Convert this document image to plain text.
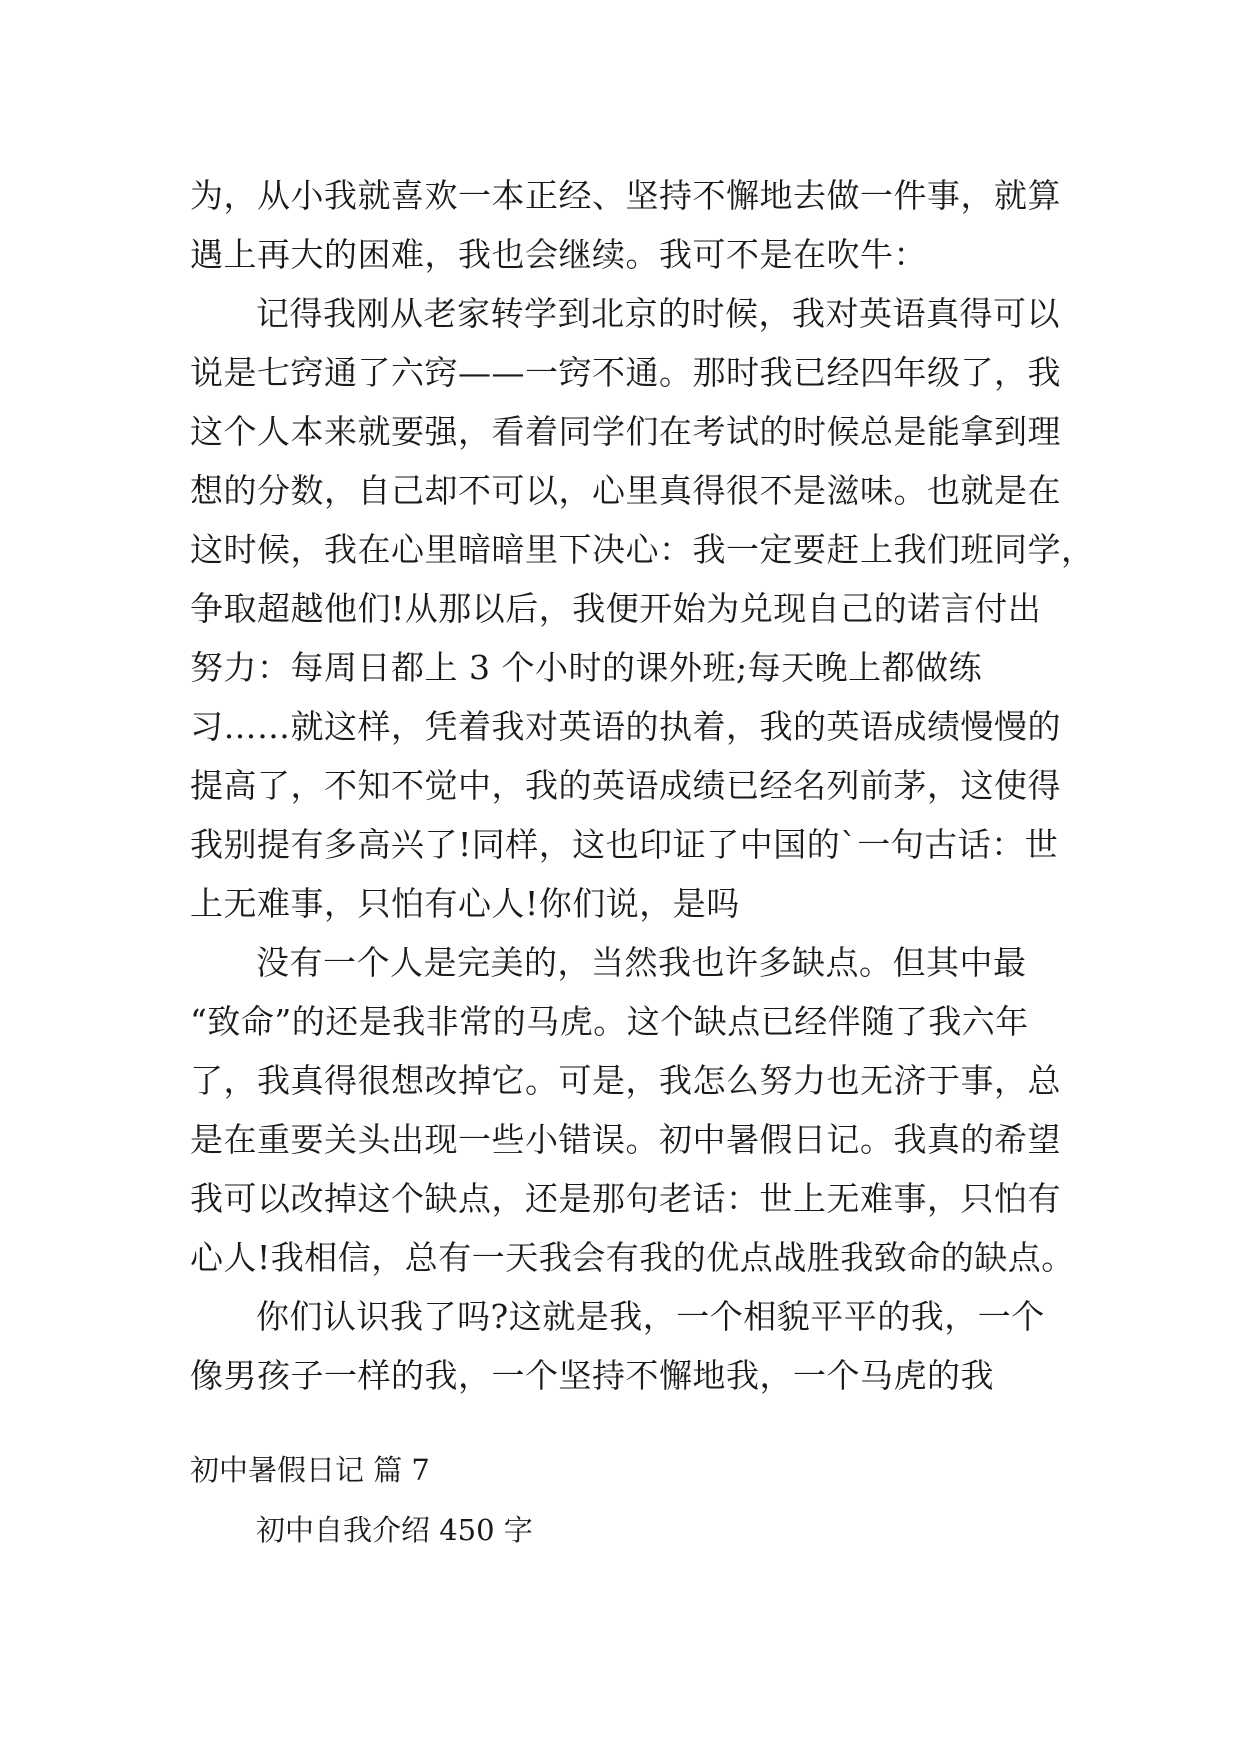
为，从小我就喜欢一本正经、坚持不懈地去做一件事，就算
遇上再大的困难，我也会继续。我可不是在吹牛：
记得我刚从老家转学到北京的时候，我对英语真得可以
说是七窍通了六窍——一窍不通。那时我已经四年级了，我
这个人本来就要强，看着同学们在考试的时候总是能拿到理
想的分数，自己却不可以，心里真得很不是滋味。也就是在
这时候，我在心里暗暗里下决心：我一定要赶上我们班同学，
争取超越他们!从那以后，我便开始为兑现自己的诺言付出
努力：每周日都上 3 个小时的课外班;每天晚上都做练
习……就这样，凭着我对英语的执着，我的英语成绩慢慢的
提高了，不知不觉中，我的英语成绩已经名列前茅，这使得
我别提有多高兴了!同样，这也印证了中国的`一句古话：世
上无难事，只怕有心人!你们说，是吗
没有一个人是完美的，当然我也许多缺点。但其中最
“致命”的还是我非常的马虎。这个缺点已经伴随了我六年
了，我真得很想改掉它。可是，我怎么努力也无济于事，总
是在重要关头出现一些小错误。初中暑假日记。我真的希望
我可以改掉这个缺点，还是那句老话：世上无难事，只怕有
心人!我相信，总有一天我会有我的优点战胜我致命的缺点。
你们认识我了吗?这就是我，一个相貌平平的我，一个
像男孩子一样的我，一个坚持不懈地我，一个马虎的我
初中暑假日记 篇 7
初中自我介绍 450 字
